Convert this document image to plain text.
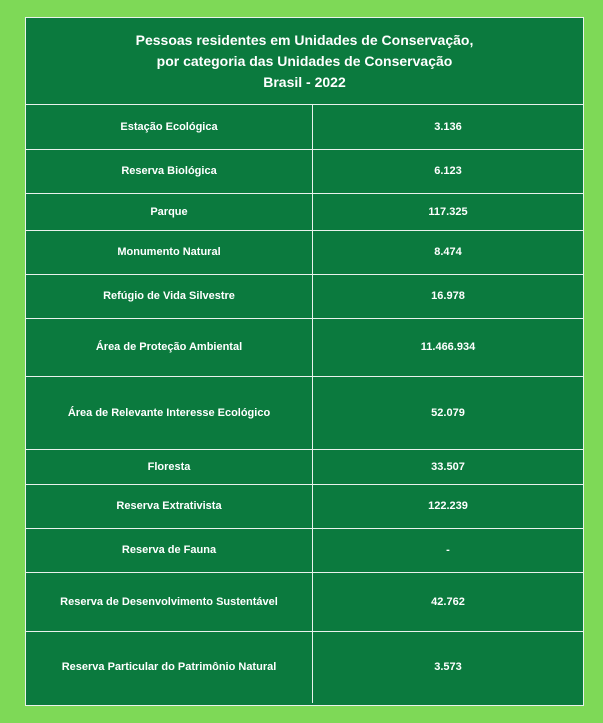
Pessoas residentes em Unidades de Conservação,
por categoria das Unidades de Conservação
Brasil - 2022
Estação Ecológica	3.136
Reserva Biológica	6.123
Parque	117.325
Monumento Natural	8.474
Refúgio de Vida Silvestre	16.978
Área de Proteção Ambiental	11.466.934
Área de Relevante Interesse Ecológico	52.079
Floresta	33.507
Reserva Extrativista	122.239
Reserva de Fauna	-
Reserva de Desenvolvimento Sustentável	42.762
Reserva Particular do Patrimônio Natural	3.573
